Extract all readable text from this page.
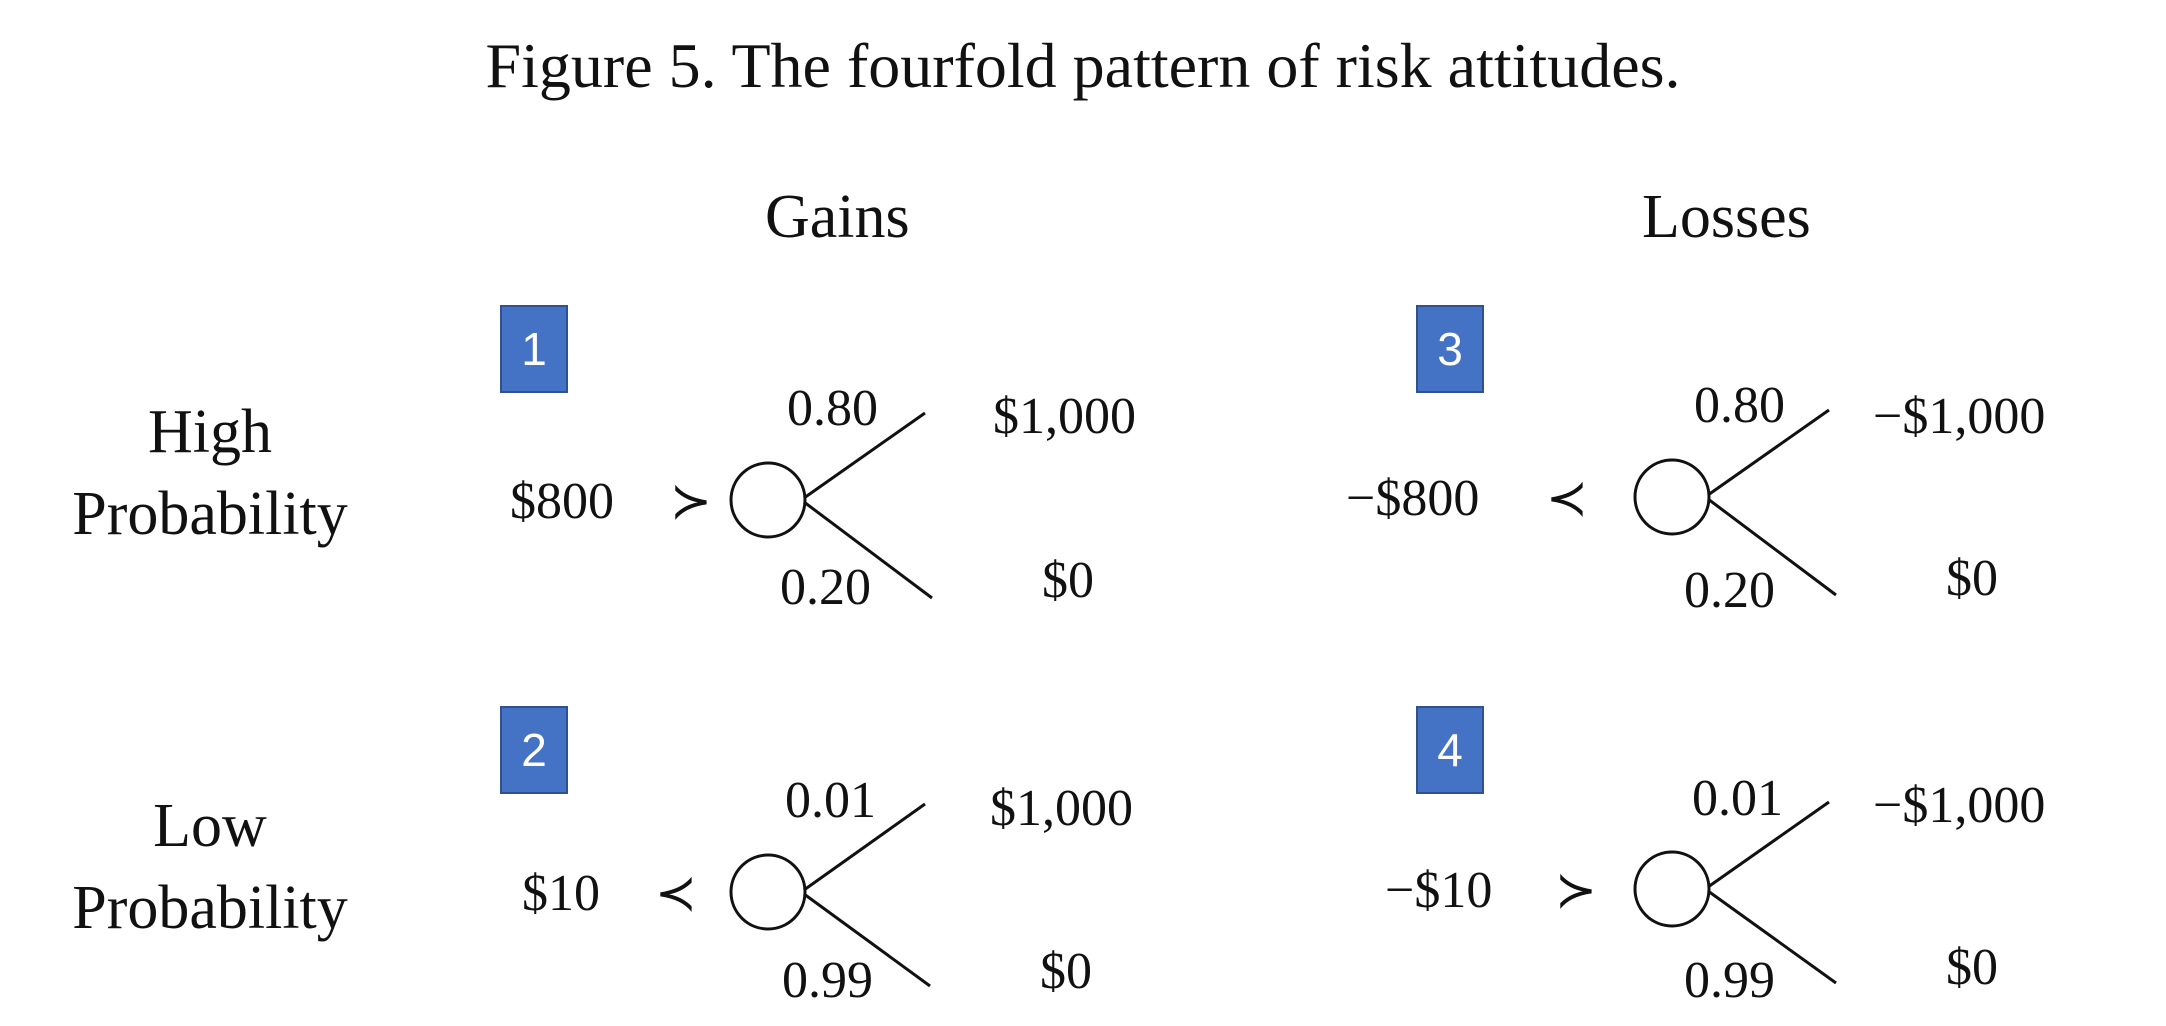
Figure 5. The fourfold pattern of risk attitudes.
Gains	Losses
High Probability
Low Probability
1
$800 ≻
0.80
0.20
$1,000
$0
2
$10 ≺
0.01
0.99
$1,000
$0
3
−$800 ≺
0.80
0.20
−$1,000
$0
4
−$10 ≻
0.01
0.99
−$1,000
$0
